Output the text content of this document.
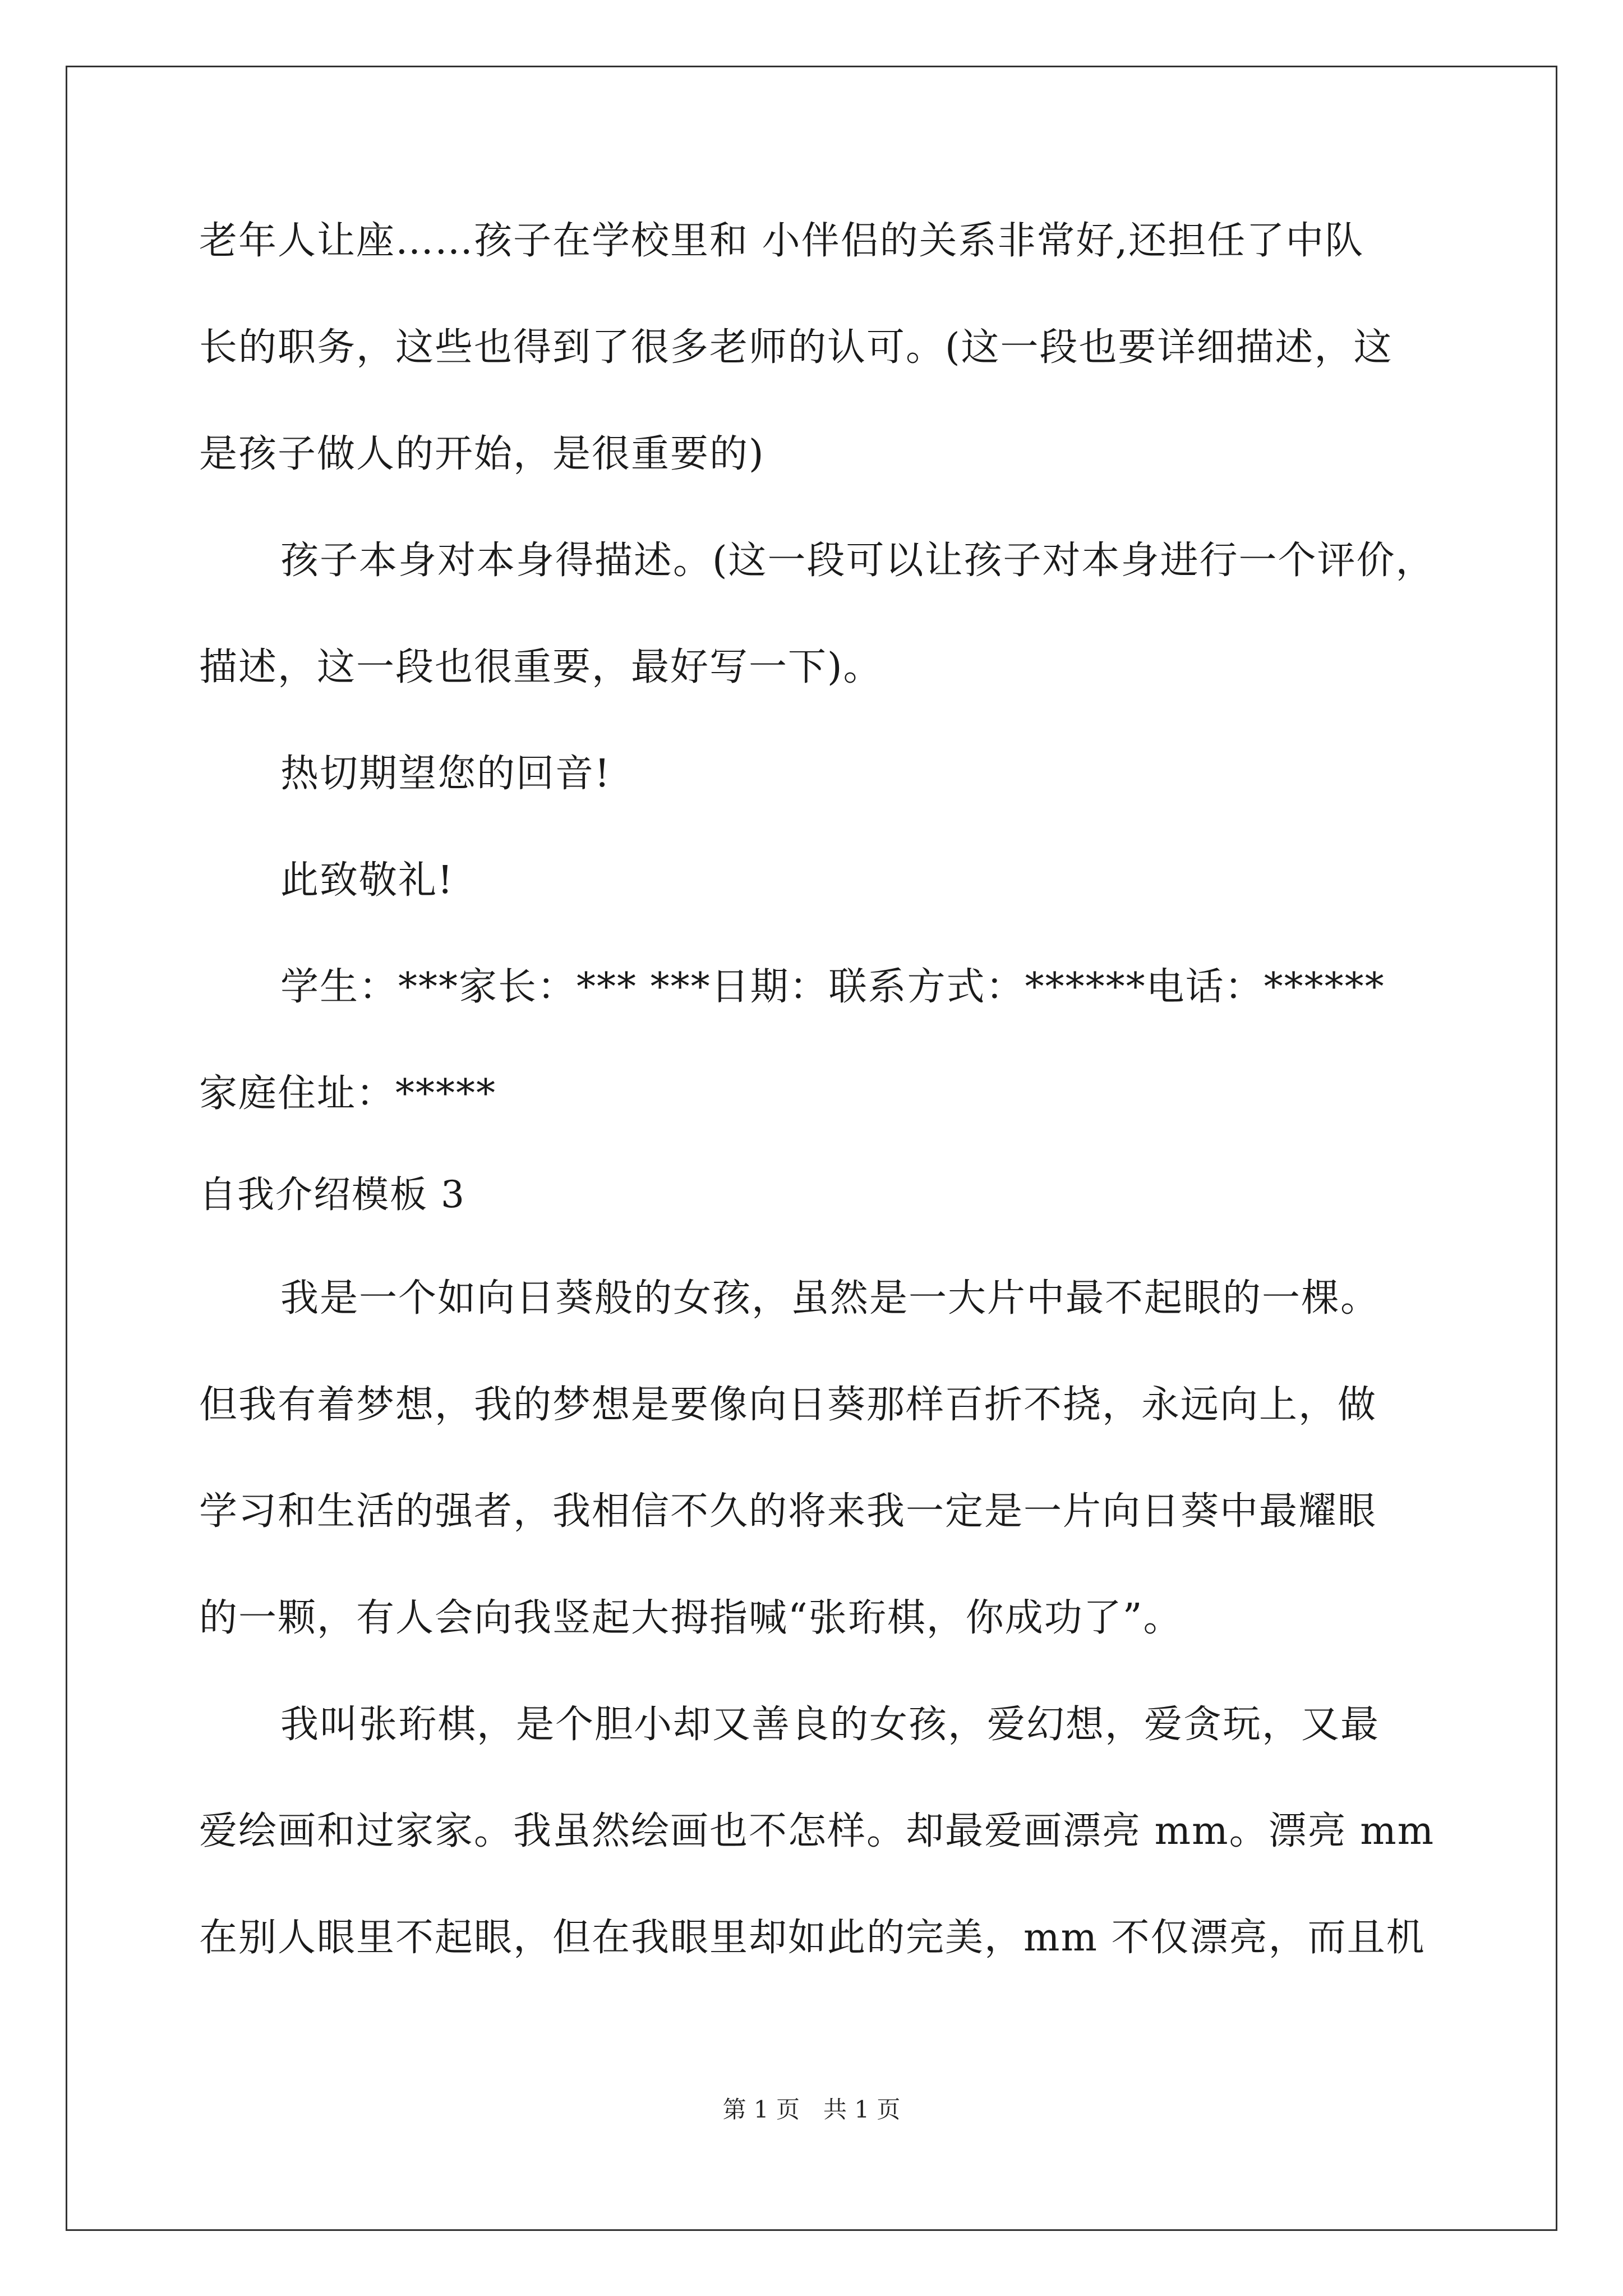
老年人让座……孩子在学校里和 小伴侣的关系非常好,还担任了中队
长的职务，这些也得到了很多老师的认可。(这一段也要详细描述，这
是孩子做人的开始，是很重要的)
孩子本身对本身得描述。(这一段可以让孩子对本身进行一个评价，
描述，这一段也很重要，最好写一下)。
热切期望您的回音!
此致敬礼!
学生：***家长：*** ***日期：联系方式：******电话：******
家庭住址：*****
自我介绍模板 3
我是一个如向日葵般的女孩，虽然是一大片中最不起眼的一棵。
但我有着梦想，我的梦想是要像向日葵那样百折不挠，永远向上，做
学习和生活的强者，我相信不久的将来我一定是一片向日葵中最耀眼
的一颗，有人会向我竖起大拇指喊“张珩棋，你成功了”。
我叫张珩棋，是个胆小却又善良的女孩，爱幻想，爱贪玩，又最
爱绘画和过家家。我虽然绘画也不怎样。却最爱画漂亮 mm。漂亮 mm
在别人眼里不起眼，但在我眼里却如此的完美，mm 不仅漂亮，而且机
第 1 页　共 1 页
